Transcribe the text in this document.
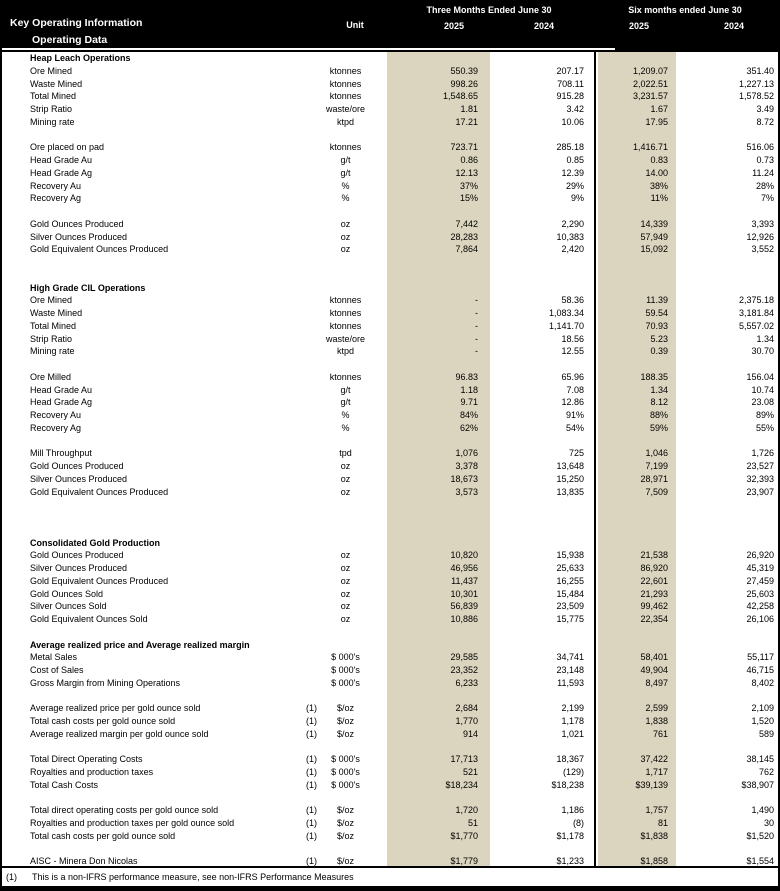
Key Operating Information
Operating Data
Unit
Three Months Ended June 30	Six months ended June 30
2025	2024	2025	2024
Heap Leach Operations
Ore Mined	ktonnes	550.39	207.17	1,209.07	351.40
Waste Mined	ktonnes	998.26	708.11	2,022.51	1,227.13
Total Mined	ktonnes	1,548.65	915.28	3,231.57	1,578.52
Strip Ratio	waste/ore	1.81	3.42	1.67	3.49
Mining rate	ktpd	17.21	10.06	17.95	8.72
Ore placed on pad	ktonnes	723.71	285.18	1,416.71	516.06
Head Grade Au	g/t	0.86	0.85	0.83	0.73
Head Grade Ag	g/t	12.13	12.39	14.00	11.24
Recovery Au	%	37%	29%	38%	28%
Recovery Ag	%	15%	9%	11%	7%
Gold Ounces Produced	oz	7,442	2,290	14,339	3,393
Silver Ounces Produced	oz	28,283	10,383	57,949	12,926
Gold Equivalent Ounces Produced	oz	7,864	2,420	15,092	3,552
High Grade CIL Operations
Ore Mined	ktonnes	-	58.36	11.39	2,375.18
Waste Mined	ktonnes	-	1,083.34	59.54	3,181.84
Total Mined	ktonnes	-	1,141.70	70.93	5,557.02
Strip Ratio	waste/ore	-	18.56	5.23	1.34
Mining rate	ktpd	-	12.55	0.39	30.70
Ore Milled	ktonnes	96.83	65.96	188.35	156.04
Head Grade Au	g/t	1.18	7.08	1.34	10.74
Head Grade Ag	g/t	9.71	12.86	8.12	23.08
Recovery Au	%	84%	91%	88%	89%
Recovery Ag	%	62%	54%	59%	55%
Mill Throughput	tpd	1,076	725	1,046	1,726
Gold Ounces Produced	oz	3,378	13,648	7,199	23,527
Silver Ounces Produced	oz	18,673	15,250	28,971	32,393
Gold Equivalent Ounces Produced	oz	3,573	13,835	7,509	23,907
Consolidated Gold Production
Gold Ounces Produced	oz	10,820	15,938	21,538	26,920
Silver Ounces Produced	oz	46,956	25,633	86,920	45,319
Gold Equivalent Ounces Produced	oz	11,437	16,255	22,601	27,459
Gold Ounces Sold	oz	10,301	15,484	21,293	25,603
Silver Ounces Sold	oz	56,839	23,509	99,462	42,258
Gold Equivalent Ounces Sold	oz	10,886	15,775	22,354	26,106
Average realized price and Average realized margin
Metal Sales	$ 000's	29,585	34,741	58,401	55,117
Cost of Sales	$ 000's	23,352	23,148	49,904	46,715
Gross Margin from Mining Operations	$ 000's	6,233	11,593	8,497	8,402
Average realized price per gold ounce sold	(1)	$/oz	2,684	2,199	2,599	2,109
Total cash costs per gold ounce sold	(1)	$/oz	1,770	1,178	1,838	1,520
Average realized margin per gold ounce sold	(1)	$/oz	914	1,021	761	589
Total Direct Operating Costs	(1)	$ 000's	17,713	18,367	37,422	38,145
Royalties and production taxes	(1)	$ 000's	521	(129)	1,717	762
Total Cash Costs	(1)	$ 000's	$18,234	$18,238	$39,139	$38,907
Total direct operating costs per gold ounce sold	(1)	$/oz	1,720	1,186	1,757	1,490
Royalties and production taxes per gold ounce sold	(1)	$/oz	51	(8)	81	30
Total cash costs per gold ounce sold	(1)	$/oz	$1,770	$1,178	$1,838	$1,520
AISC - Minera Don Nicolas	(1)	$/oz	$1,779	$1,233	$1,858	$1,554
(1) This is a non-IFRS performance measure, see non-IFRS Performance Measures
